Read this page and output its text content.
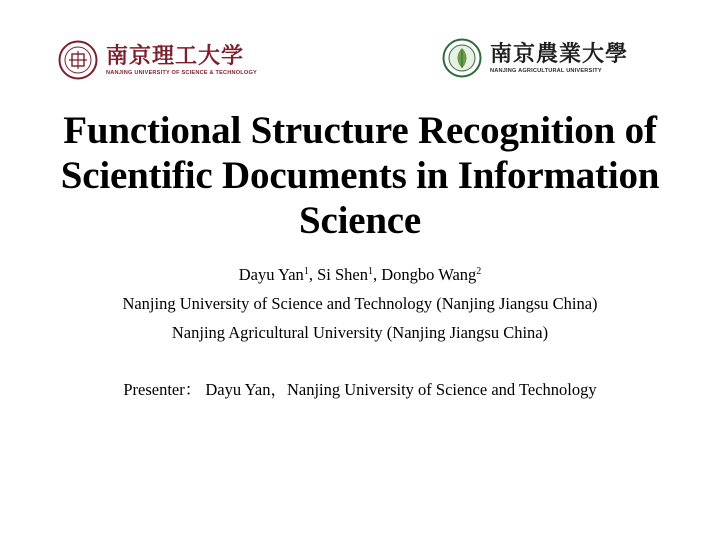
南京理工大学
NANJING UNIVERSITY OF SCIENCE & TECHNOLOGY
南京農業大學
NANJING AGRICULTURAL UNIVERSITY
Functional Structure Recognition of
Scientific Documents in Information
Science
Dayu Yan$^1$, Si Shen$^1$, Dongbo Wang$^2$
Nanjing University of Science and Technology (Nanjing Jiangsu China)
Nanjing Agricultural University (Nanjing Jiangsu China)
Presenter： Dayu Yan，Nanjing University of Science and Technology
